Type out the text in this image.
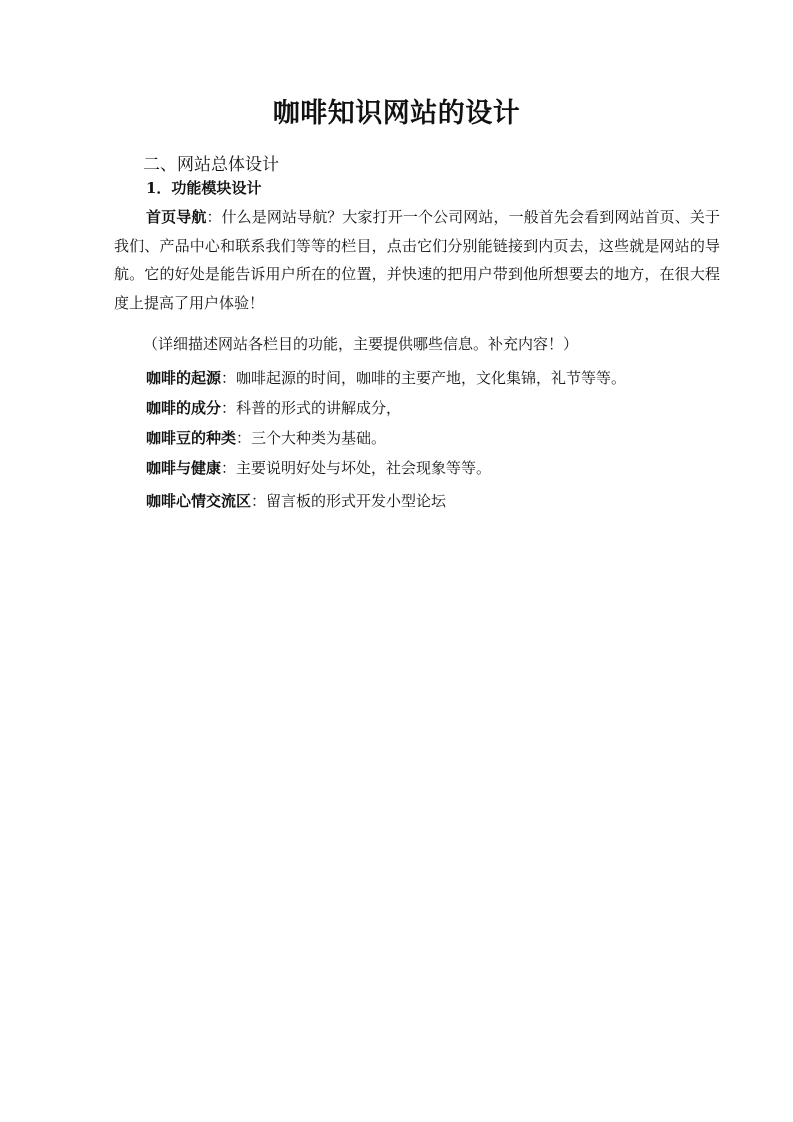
咖啡知识网站的设计
二、网站总体设计
1．功能模块设计
首页导航：什么是网站导航？大家打开一个公司网站，一般首先会看到网站首页、关于我们、产品中心和联系我们等等的栏目，点击它们分别能链接到内页去，这些就是网站的导航。它的好处是能告诉用户所在的位置，并快速的把用户带到他所想要去的地方，在很大程度上提高了用户体验！
（详细描述网站各栏目的功能，主要提供哪些信息。补充内容！）
咖啡的起源：咖啡起源的时间，咖啡的主要产地，文化集锦，礼节等等。
咖啡的成分：科普的形式的讲解成分，
咖啡豆的种类：三个大种类为基础。
咖啡与健康：主要说明好处与坏处，社会现象等等。
咖啡心情交流区：留言板的形式开发小型论坛
